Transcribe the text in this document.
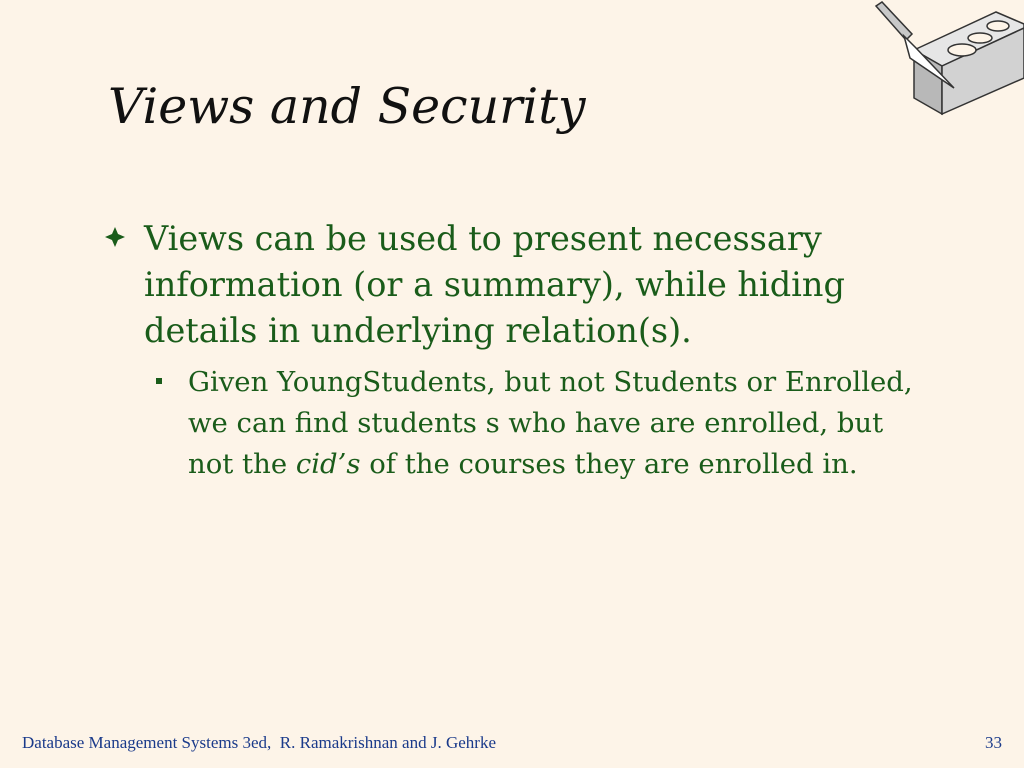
Views and Security
Views can be used to present necessary information (or a summary), while hiding details in underlying relation(s).
Given YoungStudents, but not Students or Enrolled, we can find students s who have are enrolled, but not the cid’s of the courses they are enrolled in.
Database Management Systems 3ed,  R. Ramakrishnan and J. Gehrke	33
